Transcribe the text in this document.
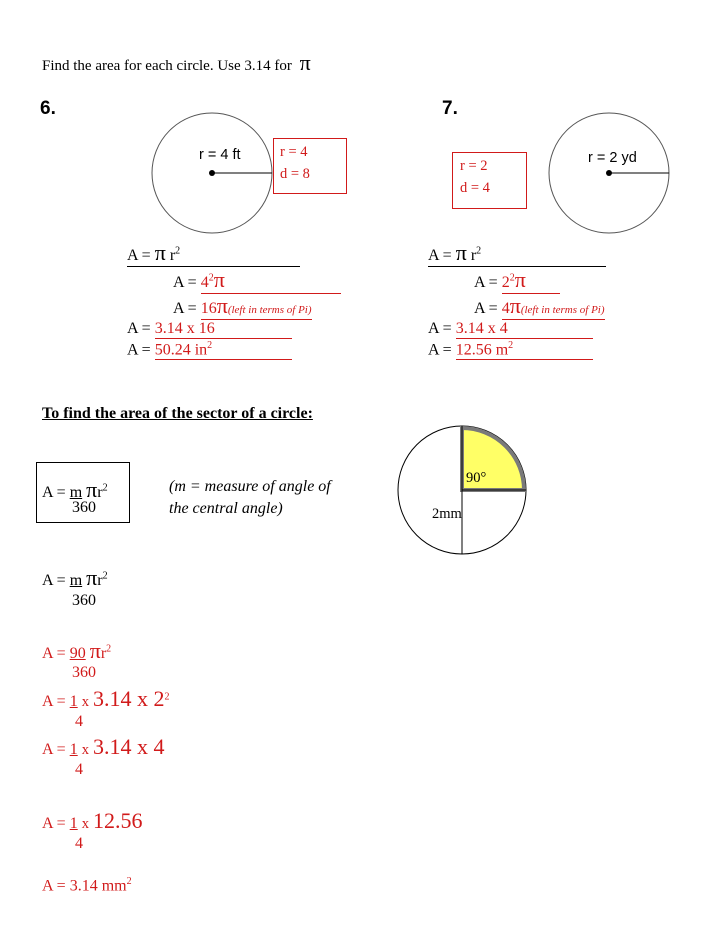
Find the area for each circle. Use 3.14 for π
6.
r = 4 ft	r = 4
d = 8
A = π $r^2$
$A = 4^2\pi$
A = 16π(left in terms of Pi)
A = 3.14 x 16
A = 50.24 $in^2$
7.
r = 2 yd
r = 2
d = 4
A = π $r^2$
$A = 2^2\pi$
A = 4π(left in terms of Pi)
A = 3.14 x 4
A = 12.56 $m^2$
To find the area of the sector of a circle:
A = m $\pi r^2$
360
(m = measure of angle of
the central angle)
90°
2mm
A = m $\pi r^2$
360
A = 90 $\pi r^2$
360
A = 1 x 3.14 x $2^2$
4
A = 1 x 3.14 x 4
4
A = 1 x 12.56
4
A = 3.14 $mm^2$
